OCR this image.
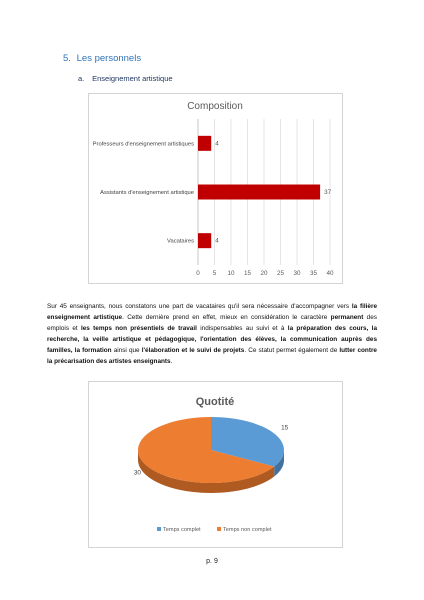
5. Les personnels
a. Enseignement artistique
Composition
0 5 10 15 20 25 30 35 40
4
Professeurs d'enseignement artistiques
37
Assistants d'enseignement artistique
4
Vacataires
Sur 45 enseignants, nous constatons une part de vacataires qu'il sera nécessaire d'accompagner vers la filière enseignement artistique. Cette dernière prend en effet, mieux en considération le caractère permanent des emplois et les temps non présentiels de travail indispensables au suivi et à la préparation des cours, la recherche, la veille artistique et pédagogique, l'orientation des élèves, la communication auprès des familles, la formation ainsi que l'élaboration et le suivi de projets. Ce statut permet également de lutter contre la précarisation des artistes enseignants.
Quotité
15
30
Temps complet	Temps non complet
p. 9
